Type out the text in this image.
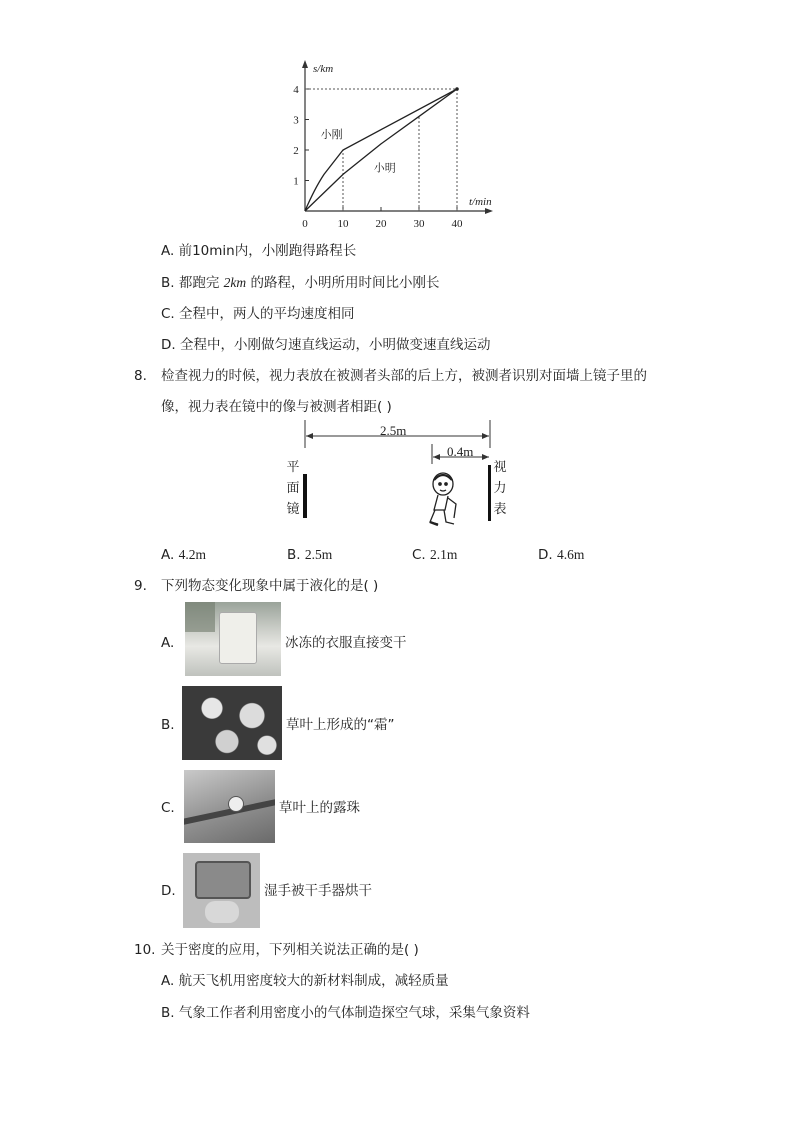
s/km
t/min
0	10 20 30 40
1
2
3
4
小刚
小明
A. 前10min内，小刚跑得路程长
B. 都跑完 2km 的路程，小明所用时间比小刚长
C. 全程中，两人的平均速度相同
D. 全程中，小刚做匀速直线运动，小明做变速直线运动
8. 检查视力的时候，视力表放在被测者头部的后上方，被测者识别对面墙上镜子里的
像，视力表在镜中的像与被测者相距( )
2.5m
0.4m
平
面
镜
视
力
表
A. 4.2m	B. 2.5m	C. 2.1m	D. 4.6m
9. 下列物态变化现象中属于液化的是( )
A.	冰冻的衣服直接变干
B.	草叶上形成的“霜”
C.	草叶上的露珠
D.	湿手被干手器烘干
10. 关于密度的应用，下列相关说法正确的是( )
A. 航天飞机用密度较大的新材料制成，减轻质量
B. 气象工作者利用密度小的气体制造探空气球，采集气象资料
